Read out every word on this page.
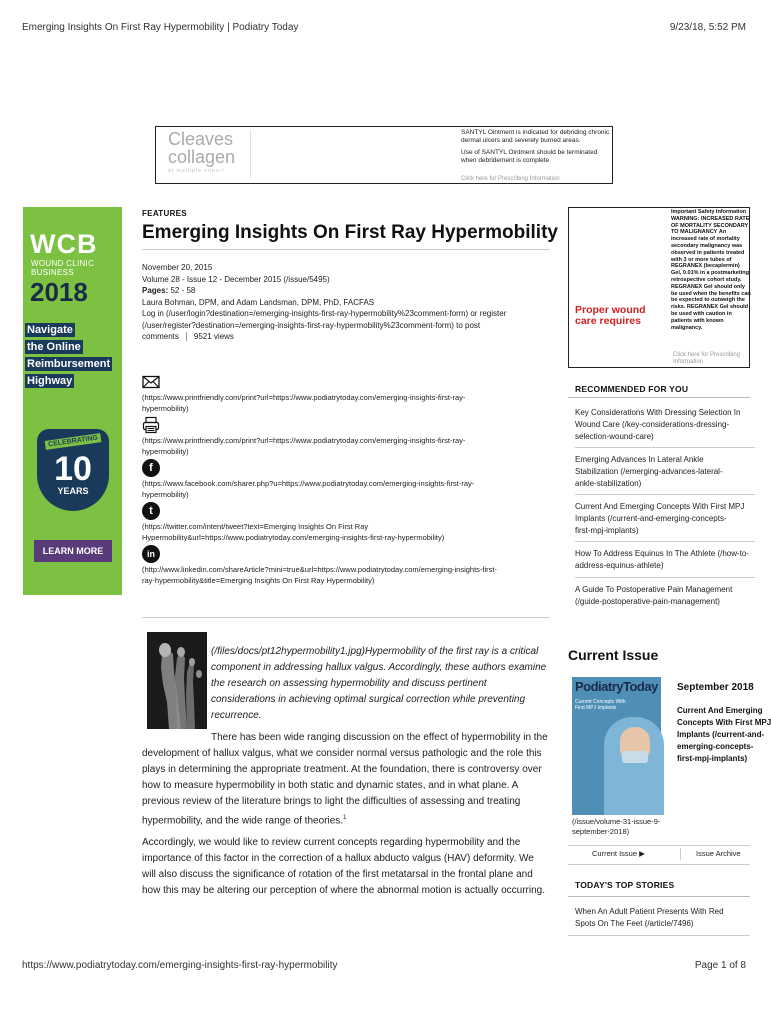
Emerging Insights On First Ray Hypermobility | Podiatry Today	9/23/18, 5:52 PM
https://www.podiatrytoday.com/emerging-insights-first-ray-hypermobility	Page 1 of 8
Cleaves
collagen
at multiple sites¹²

SANTYL Ointment is indicated for debriding chronic dermal ulcers and severely burned areas.

Use of SANTYL Ointment should be terminated when debridement is complete

Click here for Prescribing Information
WCB
WOUND CLINIC
BUSINESS
2018
Navigate
the Online
Reimbursement
Highway
CELEBRATING
10
YEARS
LEARN MORE
FEATURES
Emerging Insights On First Ray Hypermobility
November 20, 2015
Volume 28 - Issue 12 - December 2015 (/issue/5495)
Pages: 52 - 58
Laura Bohman, DPM, and Adam Landsman, DPM, PhD, FACFAS
Log in (/user/login?destination=/emerging-insights-first-ray-hypermobility%23comment-form) or register
(/user/register?destination=/emerging-insights-first-ray-hypermobility%23comment-form) to post
comments 9521 views
(https://www.printfriendly.com/print?url=https://www.podiatrytoday.com/emerging-insights-first-ray-
hypermobility)
(https://www.printfriendly.com/print?url=https://www.podiatrytoday.com/emerging-insights-first-ray-
hypermobility)
f
(https://www.facebook.com/sharer.php?u=https://www.podiatrytoday.com/emerging-insights-first-ray-
hypermobility)
t
(https://twitter.com/intent/tweet?text=Emerging Insights On First Ray
Hypermobility&url=https://www.podiatrytoday.com/emerging-insights-first-ray-hypermobility)
in
(http://www.linkedin.com/shareArticle?mini=true&url=https://www.podiatrytoday.com/emerging-insights-first-
ray-hypermobility&title=Emerging Insights On First Ray Hypermobility)

(/files/docs/pt12hypermobility1.jpg)Hypermobility of the first ray is a critical component in addressing hallux valgus. Accordingly, these authors examine the research on assessing hypermobility and discuss pertinent considerations in achieving optimal surgical correction while preventing recurrence.

There has been wide ranging discussion on the effect of hypermobility in the development of hallux valgus, what we consider normal versus pathologic and the role this plays in determining the appropriate treatment. At the foundation, there is controversy over how to measure hypermobility in both static and dynamic states, and in what plane. A previous review of the literature brings to light the difficulties of assessing and treating hypermobility, and the wide range of theories.$^1$

Accordingly, we would like to review current concepts regarding hypermobility and the importance of this factor in the correction of a hallux abducto valgus (HAV) deformity. We will also discuss the significance of rotation of the first metatarsal in the frontal plane and how this may be altering our perception of where the abnormal motion is actually occurring.

Proper wound
care requires
Important Safety Information WARNING: INCREASED RATE OF MORTALITY SECONDARY TO MALIGNANCY An increased rate of mortality secondary malignancy was observed in patients treated with 3 or more tubes of REGRANEX (becaplermin) Gel, 0.01% in a postmarketing retrospective cohort study. REGRANEX Gel should only be used when the benefits can be expected to outweigh the risks. REGRANEX Gel should be used with caution in patients with known malignancy.
Click here for Prescribing Information
RECOMMENDED FOR YOU
Key Considerations With Dressing Selection In
Wound Care (/key-considerations-dressing-
selection-wound-care)
Emerging Advances In Lateral Ankle
Stabilization (/emerging-advances-lateral-
ankle-stabilization)
Current And Emerging Concepts With First MPJ
Implants (/current-and-emerging-concepts-
first-mpj-implants)
How To Address Equinus In The Athlete (/how-to-
address-equinus-athlete)
A Guide To Postoperative Pain Management
(/guide-postoperative-pain-management)
Current Issue
PodiatryToday
Current Concepts With
First MPJ Implants
September 2018
Current And Emerging
Concepts With First MPJ
Implants (/current-and-
emerging-concepts-
first-mpj-implants)
(/issue/volume-31-issue-9-
september-2018)
Current Issue ▶	Issue Archive
TODAY'S TOP STORIES
When An Adult Patient Presents With Red
Spots On The Feet (/article/7496)
